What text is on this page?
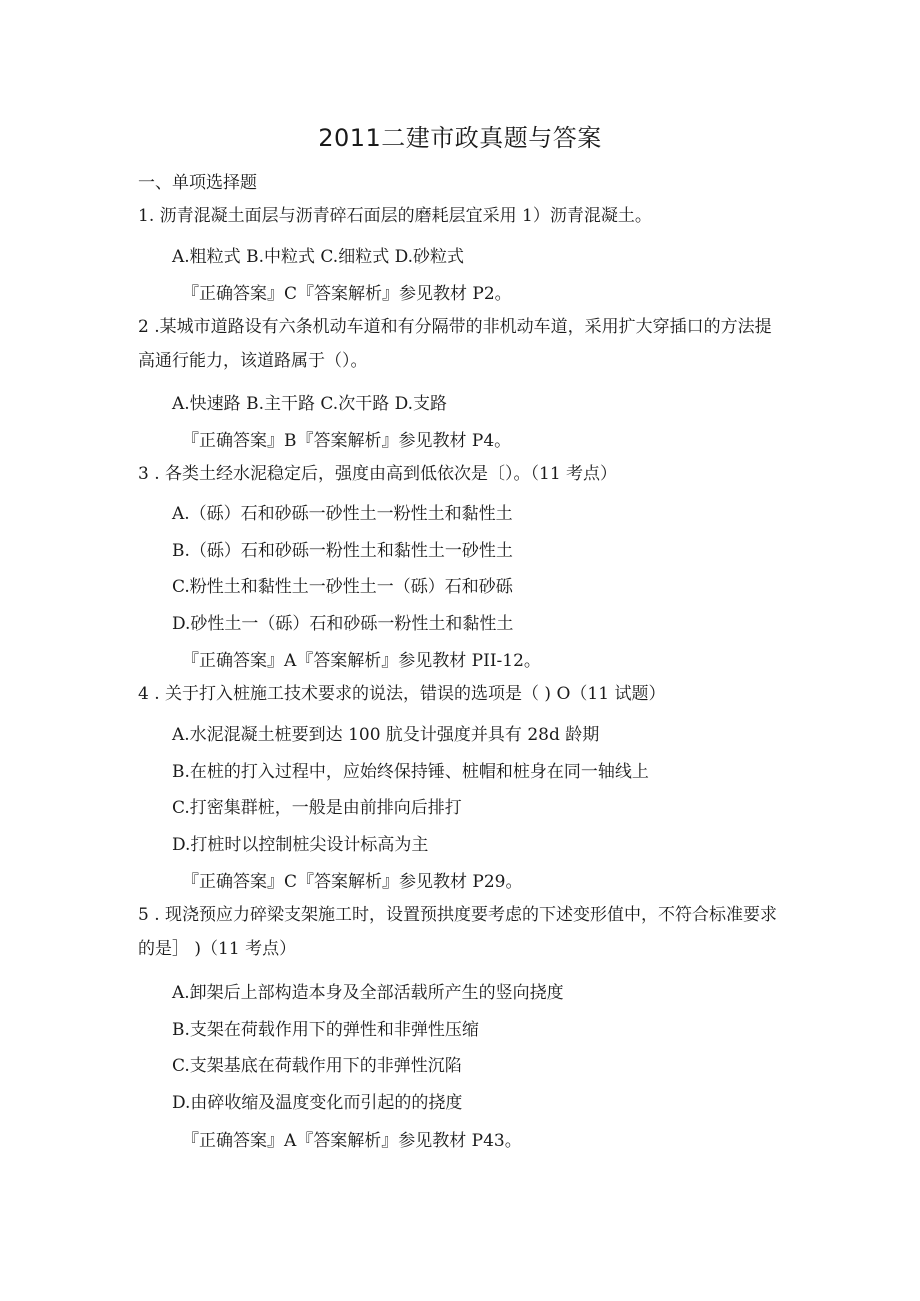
2011二建市政真题与答案
一、单项选择题
1. 沥青混凝土面层与沥青碎石面层的磨耗层宜采用 1）沥青混凝土。
A.粗粒式 B.中粒式 C.细粒式 D.砂粒式
『正确答案』C『答案解析』参见教材 P2。
2 .某城市道路设有六条机动车道和有分隔带的非机动车道，采用扩大穿插口的方法提高通行能力，该道路属于（）。
A.快速路 B.主干路 C.次干路 D.支路
『正确答案』B『答案解析』参见教材 P4。
3 . 各类土经水泥稳定后，强度由高到低依次是〔）。（11 考点）
A.（砾）石和砂砾一砂性土一粉性土和黏性土
B.（砾）石和砂砾一粉性土和黏性土一砂性土
C.粉性土和黏性土一砂性土一（砾）石和砂砾
D.砂性土一（砾）石和砂砾一粉性土和黏性土
『正确答案』A『答案解析』参见教材 PII-12。
4 . 关于打入桩施工技术要求的说法，错误的选项是（ ) O（11 试题）
A.水泥混凝土桩要到达 100 肮殳计强度并具有 28d 龄期
B.在桩的打入过程中，应始终保持锤、桩帽和桩身在同一轴线上
C.打密集群桩，一般是由前排向后排打
D.打桩时以控制桩尖设计标高为主
『正确答案』C『答案解析』参见教材 P29。
5 . 现浇预应力碎梁支架施工时，设置预拱度要考虑的下述变形值中，不符合标准要求的是］ )（11 考点）
A.卸架后上部构造本身及全部活载所产生的竖向挠度
B.支架在荷载作用下的弹性和非弹性压缩
C.支架基底在荷载作用下的非弹性沉陷
D.由碎收缩及温度变化而引起的的挠度
『正确答案』A『答案解析』参见教材 P43。
